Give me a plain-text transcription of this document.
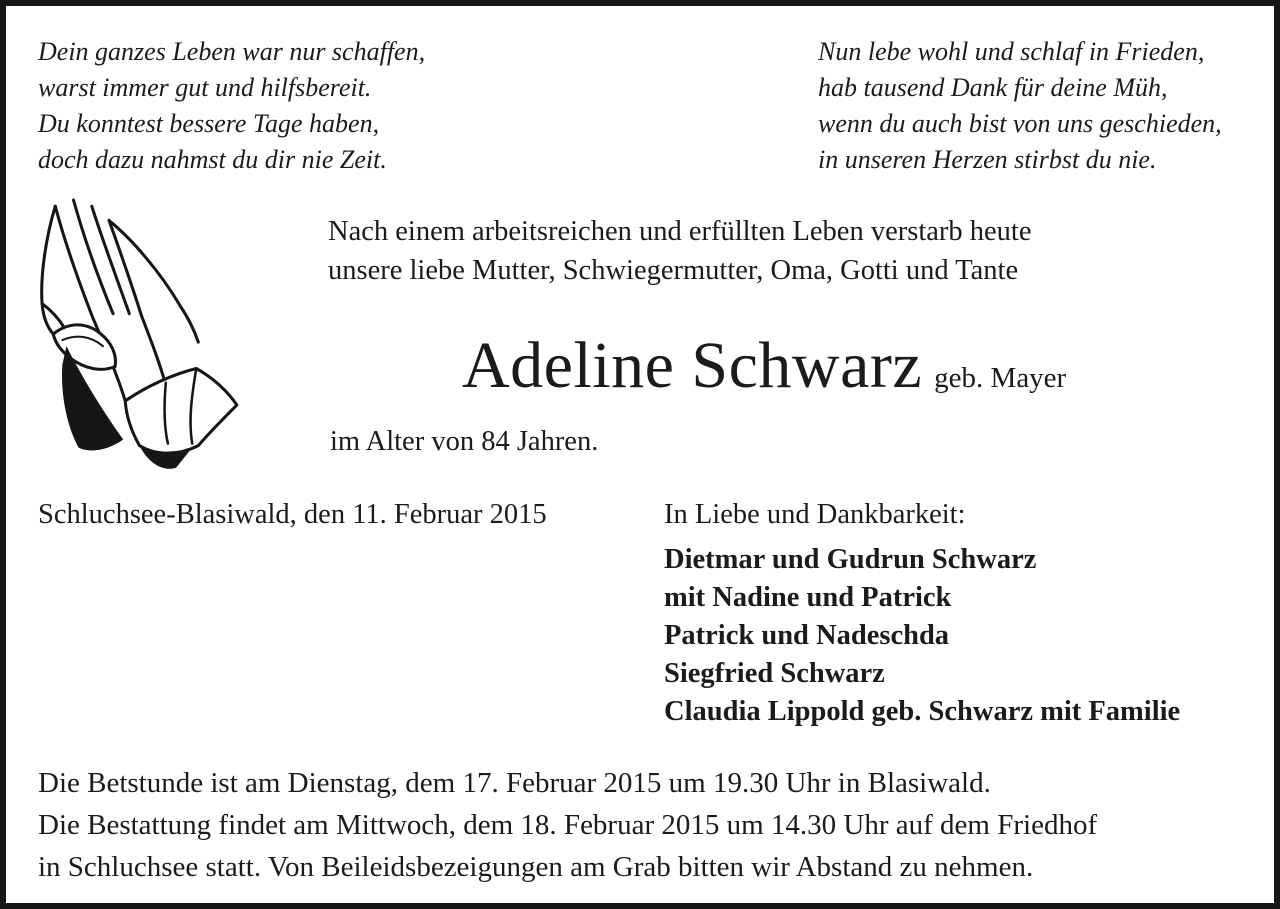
Dein ganzes Leben war nur schaffen,
warst immer gut und hilfsbereit.
Du konntest bessere Tage haben,
doch dazu nahmst du dir nie Zeit.
Nun lebe wohl und schlaf in Frieden,
hab tausend Dank für deine Müh,
wenn du auch bist von uns geschieden,
in unseren Herzen stirbst du nie.
Nach einem arbeitsreichen und erfüllten Leben verstarb heute
unsere liebe Mutter, Schwiegermutter, Oma, Gotti und Tante
Adeline Schwarz geb. Mayer
im Alter von 84 Jahren.
Schluchsee-Blasiwald, den 11. Februar 2015	In Liebe und Dankbarkeit:
Dietmar und Gudrun Schwarz
mit Nadine und Patrick
Patrick und Nadeschda
Siegfried Schwarz
Claudia Lippold geb. Schwarz mit Familie
Die Betstunde ist am Dienstag, dem 17. Februar 2015 um 19.30 Uhr in Blasiwald.
Die Bestattung findet am Mittwoch, dem 18. Februar 2015 um 14.30 Uhr auf dem Friedhof
in Schluchsee statt. Von Beileidsbezeigungen am Grab bitten wir Abstand zu nehmen.
